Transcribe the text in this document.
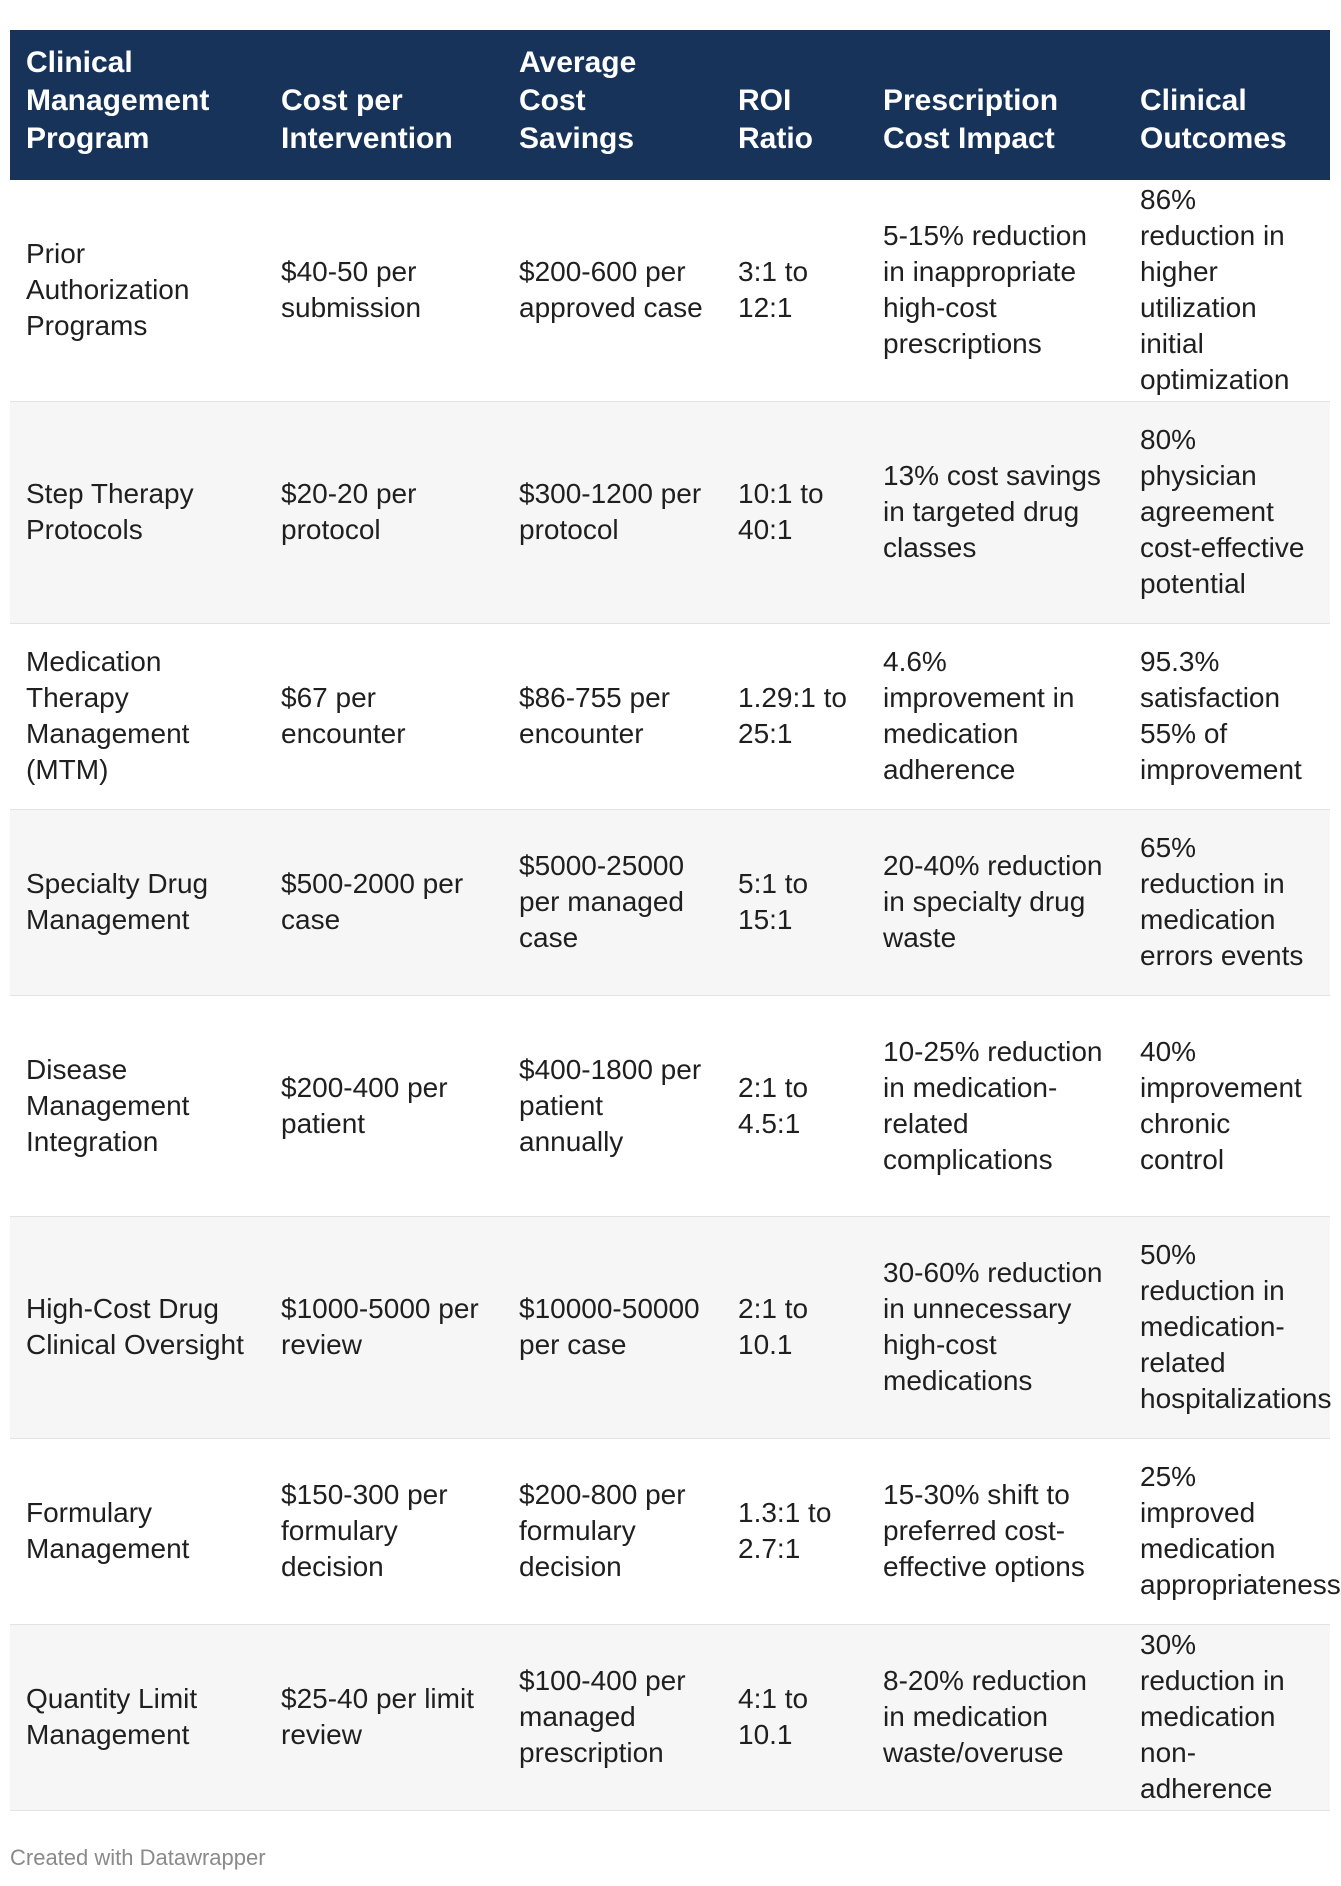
Clinical Management Program	Cost per Intervention	Average Cost Savings	ROI Ratio	Prescription Cost Impact	Clinical Outcomes
Prior Authorization Programs	$40-50 per submission	$200-600 per approved case	3:1 to 12:1	5-15% reduction in inappropriate high-cost prescriptions	86% reduction in higher utilization initial optimization
Step Therapy Protocols	$20-20 per protocol	$300-1200 per protocol	10:1 to 40:1	13% cost savings in targeted drug classes	80% physician agreement cost-effective potential
Medication Therapy Management (MTM)	$67 per encounter	$86-755 per encounter	1.29:1 to 25:1	4.6% improvement in medication adherence	95.3% satisfaction 55% of improvement
Specialty Drug Management	$500-2000 per case	$5000-25000 per managed case	5:1 to 15:1	20-40% reduction in specialty drug waste	65% reduction in medication errors events
Disease Management Integration	$200-400 per patient	$400-1800 per patient annually	2:1 to 4.5:1	10-25% reduction in medication-related complications	40% improvement chronic control
High-Cost Drug Clinical Oversight	$1000-5000 per review	$10000-50000 per case	2:1 to 10.1	30-60% reduction in unnecessary high-cost medications	50% reduction in medication-related hospitalizations
Formulary Management	$150-300 per formulary decision	$200-800 per formulary decision	1.3:1 to 2.7:1	15-30% shift to preferred cost-effective options	25% improved medication appropriateness
Quantity Limit Management	$25-40 per limit review	$100-400 per managed prescription	4:1 to 10.1	8-20% reduction in medication waste/overuse	30% reduction in medication non-adherence
Created with Datawrapper
